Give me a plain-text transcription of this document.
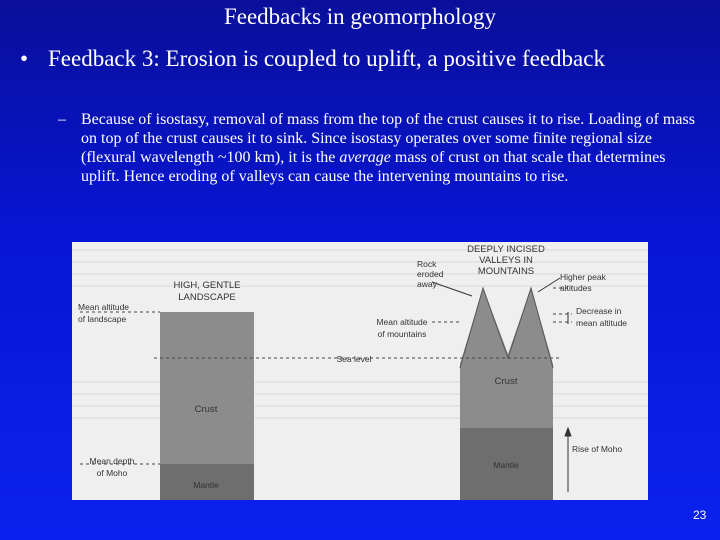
Feedbacks in geomorphology
• Feedback 3: Erosion is coupled to uplift, a positive feedback
– Because of isostasy, removal of mass from the top of the crust causes it to rise. Loading of mass on top of the crust causes it to sink. Since isostasy operates over some finite regional size (flexural wavelength ~100 km), it is the average mass of crust on that scale that determines uplift. Hence eroding of valleys can cause the intervening mountains to rise.
HIGH, GENTLE
LANDSCAPE
DEEPLY INCISED
VALLEYS IN
MOUNTAINS
Mean altitude
of landscape
Mean depth
of Moho
Crust
Mantle
Sea level
Mean altitude
of mountains
Rock
eroded
away
Higher peak
altitudes
Decrease in
mean altitude
Crust
Mantle
Rise of Moho
23
